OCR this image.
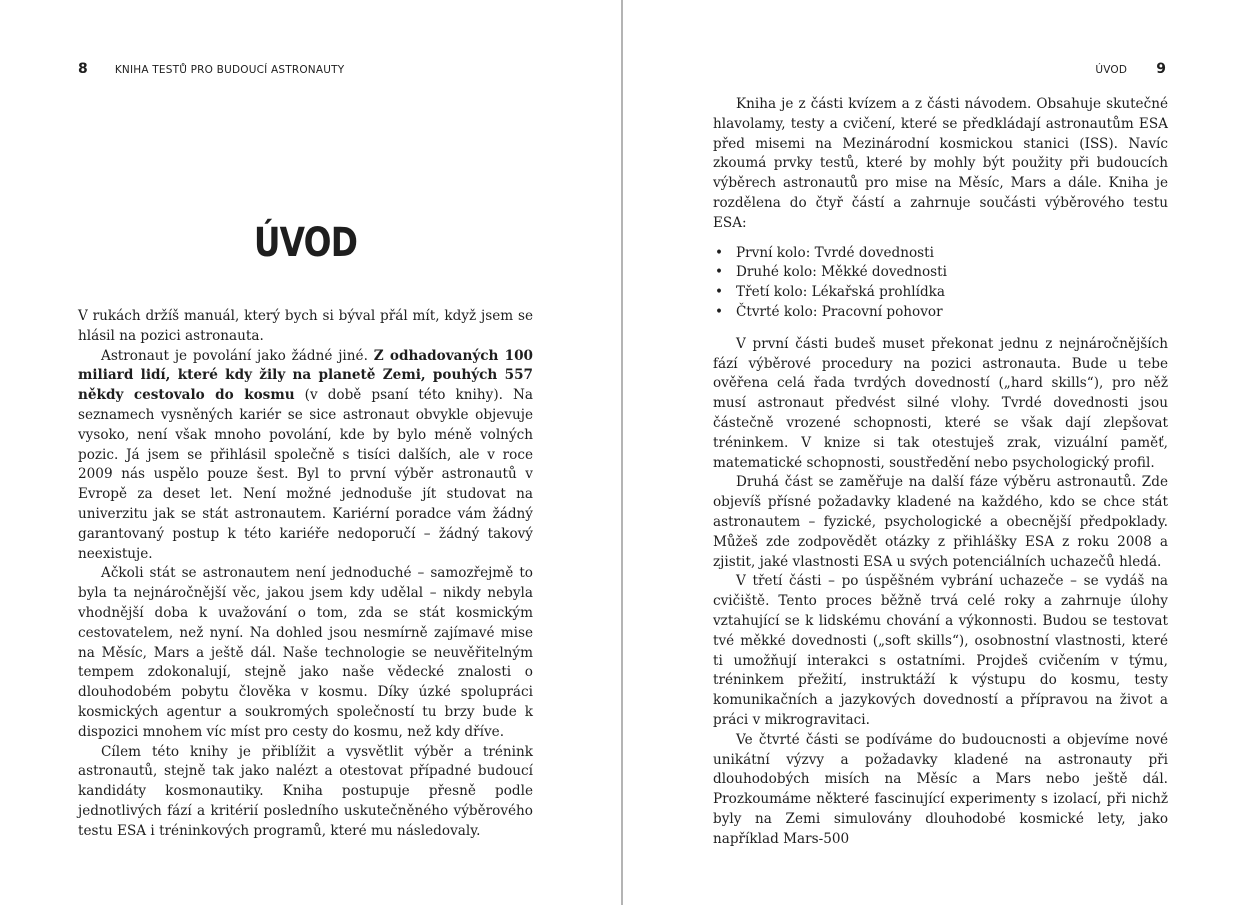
8	KNIHA TESTŮ PRO BUDOUCÍ ASTRONAUTY
ÚVOD

V rukách držíš manuál, který bych si býval přál mít, když jsem se hlásil na pozici astronauta.

Astronaut je povolání jako žádné jiné. Z odhadovaných 100 miliard lidí, které kdy žily na planetě Zemi, pouhých 557 někdy cestovalo do kosmu (v době psaní této knihy). Na seznamech vysněných kariér se sice astronaut obvykle objevuje vysoko, není však mnoho povolání, kde by bylo méně volných pozic. Já jsem se přihlásil společně s tisíci dalších, ale v roce 2009 nás uspělo pouze šest. Byl to první výběr astronautů v Evropě za deset let. Není možné jednoduše jít studovat na univerzitu jak se stát astronautem. Kariérní poradce vám žádný garantovaný postup k této kariéře nedoporučí – žádný takový neexistuje.

Ačkoli stát se astronautem není jednoduché – samozřejmě to byla ta nejnáročnější věc, jakou jsem kdy udělal – nikdy nebyla vhodnější doba k uvažování o tom, zda se stát kosmickým cestovatelem, než nyní. Na dohled jsou nesmírně zajímavé mise na Měsíc, Mars a ještě dál. Naše technologie se neuvěřitelným tempem zdokonalují, stejně jako naše vědecké znalosti o dlouhodobém pobytu člověka v kosmu. Díky úzké spolupráci kosmických agentur a soukromých společností tu brzy bude k dispozici mnohem víc míst pro cesty do kosmu, než kdy dříve.

Cílem této knihy je přiblížit a vysvětlit výběr a trénink astronautů, stejně tak jako nalézt a otestovat případné budoucí kandidáty kosmonautiky. Kniha postupuje přesně podle jednotlivých fází a kritérií posledního uskutečněného výběrového testu ESA i tréninkových programů, které mu následovaly.

ÚVOD 9

Kniha je z části kvízem a z části návodem. Obsahuje skutečné hlavolamy, testy a cvičení, které se předkládají astronautům ESA před misemi na Mezinárodní kosmickou stanici (ISS). Navíc zkoumá prvky testů, které by mohly být použity při budoucích výběrech astronautů pro mise na Měsíc, Mars a dále. Kniha je rozdělena do čtyř částí a zahrnuje součásti výběrového testu ESA:

• První kolo: Tvrdé dovednosti
• Druhé kolo: Měkké dovednosti
• Třetí kolo: Lékařská prohlídka
• Čtvrté kolo: Pracovní pohovor

V první části budeš muset překonat jednu z nejnáročnějších fází výběrové procedury na pozici astronauta. Bude u tebe ověřena celá řada tvrdých dovedností („hard skills“), pro něž musí astronaut předvést silné vlohy. Tvrdé dovednosti jsou částečně vrozené schopnosti, které se však dají zlepšovat tréninkem. V knize si tak otestuješ zrak, vizuální paměť, matematické schopnosti, soustředění nebo psychologický profil.

Druhá část se zaměřuje na další fáze výběru astronautů. Zde objevíš přísné požadavky kladené na každého, kdo se chce stát astronautem – fyzické, psychologické a obecnější předpoklady. Můžeš zde zodpovědět otázky z přihlášky ESA z roku 2008 a zjistit, jaké vlastnosti ESA u svých potenciálních uchazečů hledá.

V třetí části – po úspěšném vybrání uchazeče – se vydáš na cvičiště. Tento proces běžně trvá celé roky a zahrnuje úlohy vztahující se k lidskému chování a výkonnosti. Budou se testovat tvé měkké dovednosti („soft skills“), osobnostní vlastnosti, které ti umožňují interakci s ostatními. Projdeš cvičením v týmu, tréninkem přežití, instruktáží k výstupu do kosmu, testy komunikačních a jazykových dovedností a přípravou na život a práci v mikrogravitaci.

Ve čtvrté části se podíváme do budoucnosti a objevíme nové unikátní výzvy a požadavky kladené na astronauty při dlouhodobých misích na Měsíc a Mars nebo ještě dál. Prozkoumáme některé fascinující experimenty s izolací, při nichž byly na Zemi simulovány dlouhodobé kosmické lety, jako například Mars-500
